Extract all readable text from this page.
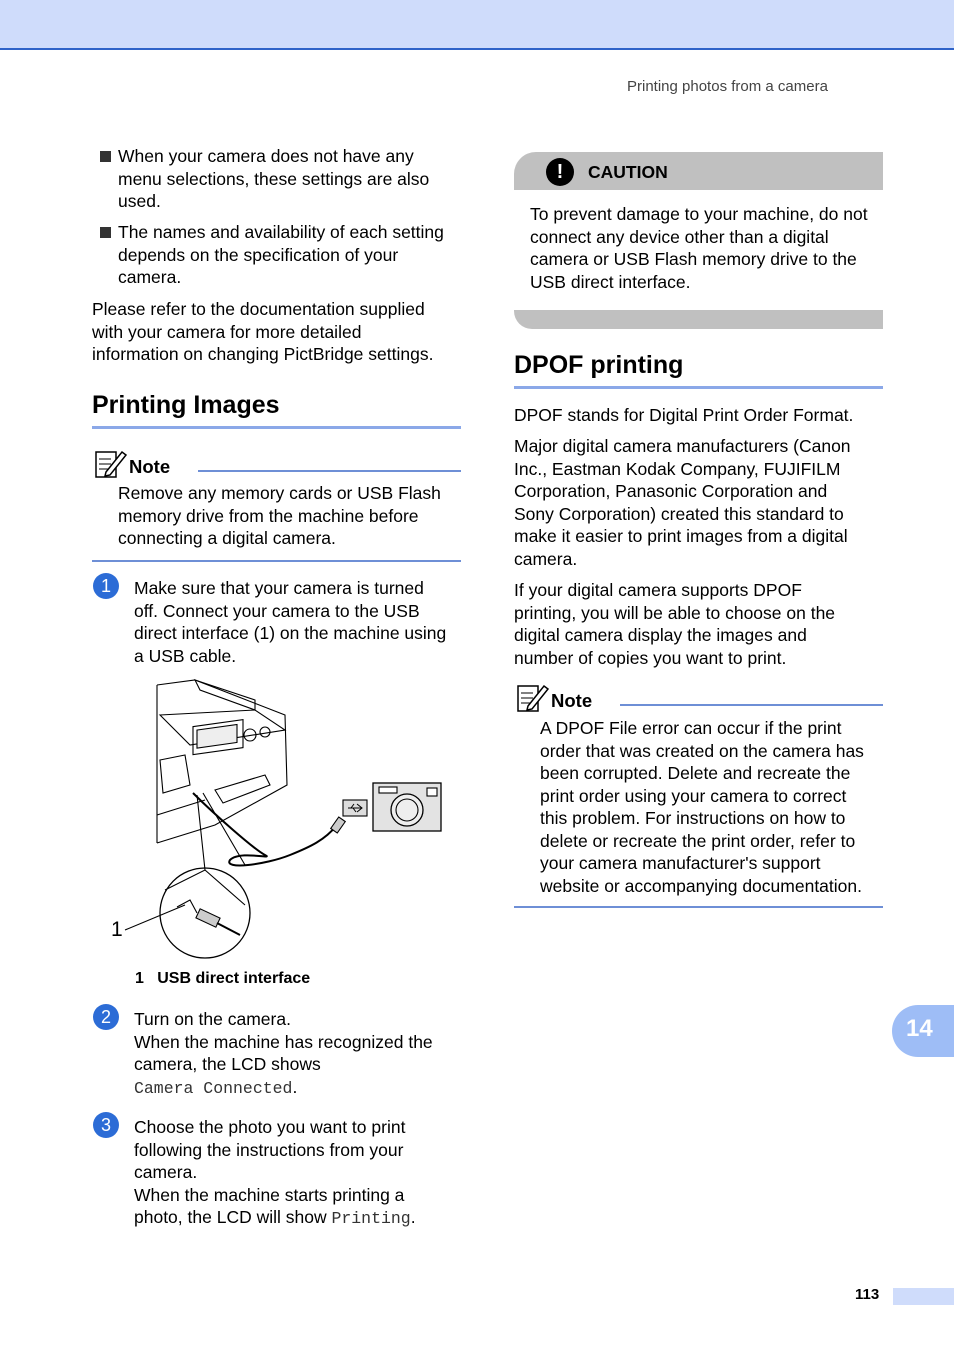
Printing photos from a camera
When your camera does not have any
menu selections, these settings are also
used.
The names and availability of each setting
depends on the specification of your
camera.
Please refer to the documentation supplied
with your camera for more detailed
information on changing PictBridge settings.
Printing Images
Note
Remove any memory cards or USB Flash
memory drive from the machine before
connecting a digital camera.
1	Make sure that your camera is turned
off. Connect your camera to the USB
direct interface (1) on the machine using
a USB cable.
1
1 USB direct interface
2	Turn on the camera.
When the machine has recognized the
camera, the LCD shows
Camera Connected.
3	Choose the photo you want to print
following the instructions from your
camera.
When the machine starts printing a
photo, the LCD will show Printing.
!	CAUTION
To prevent damage to your machine, do not
connect any device other than a digital
camera or USB Flash memory drive to the
USB direct interface.
DPOF printing
DPOF stands for Digital Print Order Format.
Major digital camera manufacturers (Canon
Inc., Eastman Kodak Company, FUJIFILM
Corporation, Panasonic Corporation and
Sony Corporation) created this standard to
make it easier to print images from a digital
camera.
If your digital camera supports DPOF
printing, you will be able to choose on the
digital camera display the images and
number of copies you want to print.
Note
A DPOF File error can occur if the print
order that was created on the camera has
been corrupted. Delete and recreate the
print order using your camera to correct
this problem. For instructions on how to
delete or recreate the print order, refer to
your camera manufacturer's support
website or accompanying documentation.
14
113
